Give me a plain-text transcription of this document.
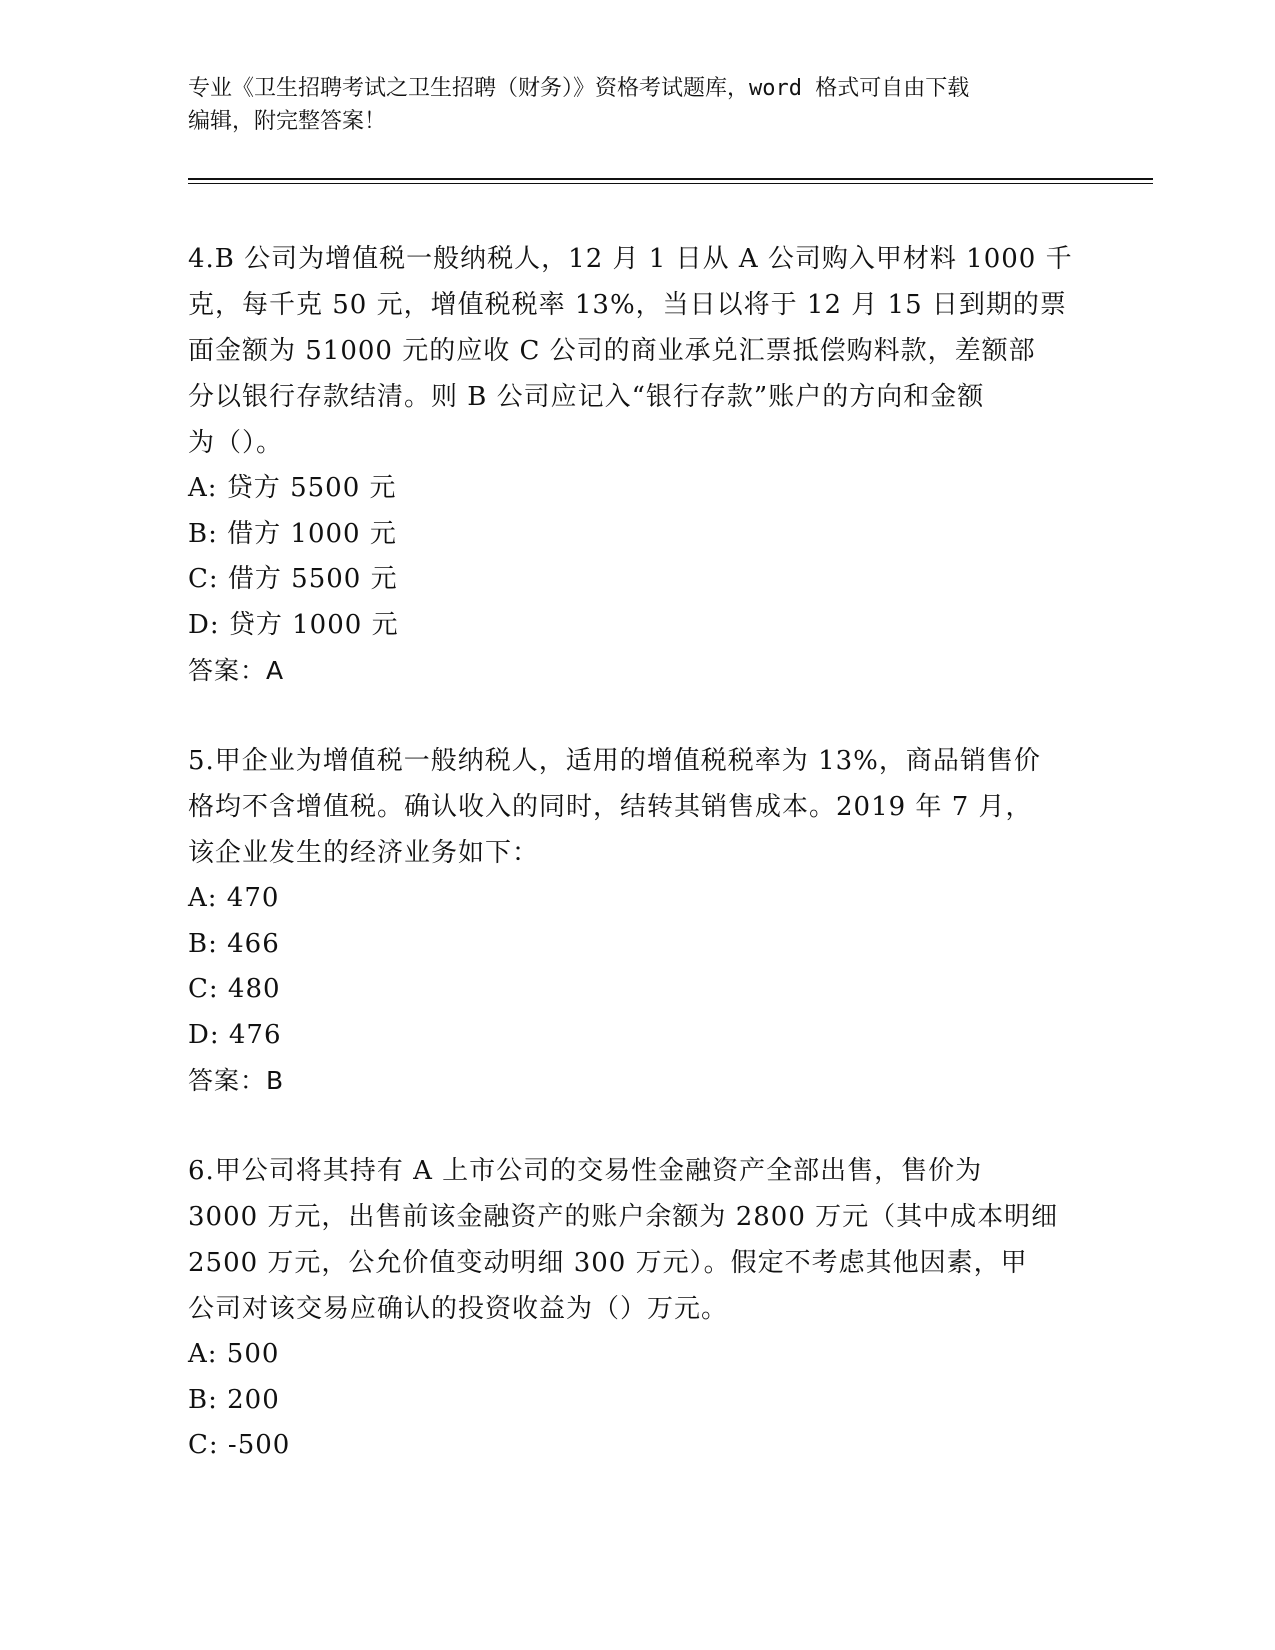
专业《卫生招聘考试之卫生招聘（财务）》资格考试题库，word 格式可自由下载
编辑，附完整答案！

4.B 公司为增值税一般纳税人，12 月 1 日从 A 公司购入甲材料 1000 千

克，每千克 50 元，增值税税率 13%，当日以将于 12 月 15 日到期的票

面金额为 51000 元的应收 C 公司的商业承兑汇票抵偿购料款，差额部

分以银行存款结清。则 B 公司应记入“银行存款”账户的方向和金额

为（）。

A: 贷方 5500 元

B: 借方 1000 元

C: 借方 5500 元

D: 贷方 1000 元

答案：A

5.甲企业为增值税一般纳税人，适用的增值税税率为 13%，商品销售价

格均不含增值税。确认收入的同时，结转其销售成本。2019 年 7 月，

该企业发生的经济业务如下：

A: 470

B: 466

C: 480

D: 476

答案：B

6.甲公司将其持有 A 上市公司的交易性金融资产全部出售，售价为

3000 万元，出售前该金融资产的账户余额为 2800 万元（其中成本明细

2500 万元，公允价值变动明细 300 万元）。假定不考虑其他因素，甲

公司对该交易应确认的投资收益为（）万元。

A: 500

B: 200

C: -500
